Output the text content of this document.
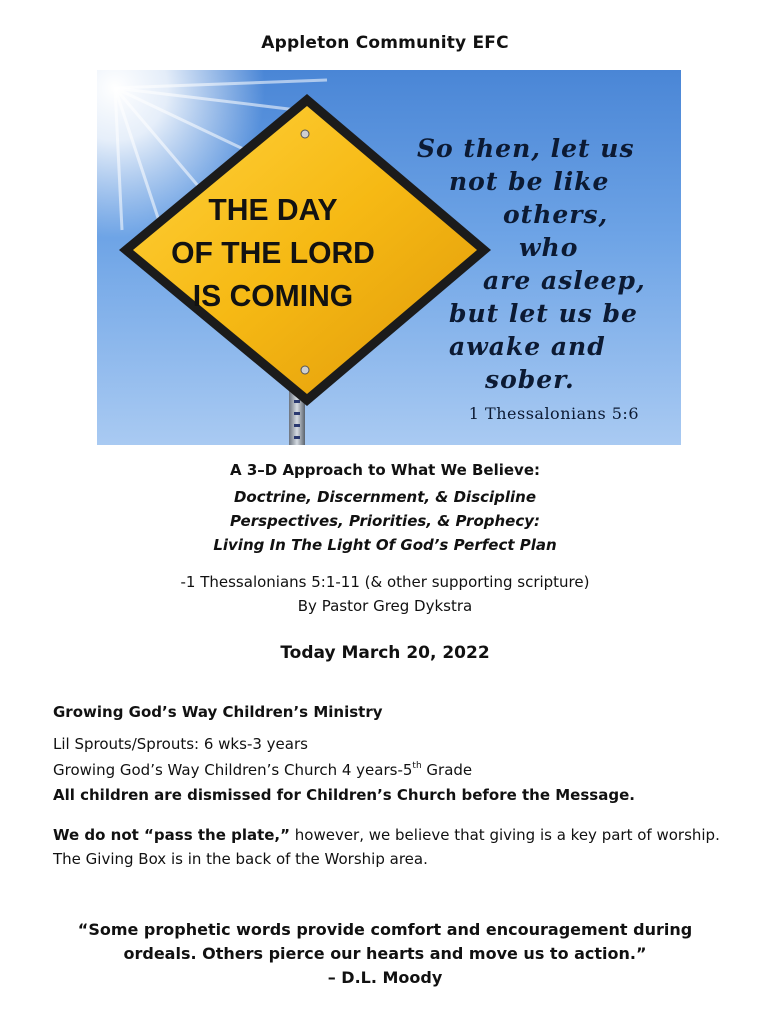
Appleton Community EFC
THE DAY
OF THE LORD
IS COMING
So then, let us
not be like
others,
who
are asleep,
but let us be
awake and
sober.
1 Thessalonians 5:6
A 3–D Approach to What We Believe:
Doctrine, Discernment, & Discipline
Perspectives, Priorities, & Prophecy:
Living In The Light Of God’s Perfect Plan
-1 Thessalonians 5:1-11 (& other supporting scripture)
By Pastor Greg Dykstra
Today March 20, 2022
Growing God’s Way Children’s Ministry
Lil Sprouts/Sprouts: 6 wks-3 years
Growing God’s Way Children’s Church 4 years-5th Grade
All children are dismissed for Children’s Church before the Message.
We do not “pass the plate,” however, we believe that giving is a key part of worship. The Giving Box is in the back of the Worship area.
“Some prophetic words provide comfort and encouragement during
ordeals. Others pierce our hearts and move us to action.”
– D.L. Moody
